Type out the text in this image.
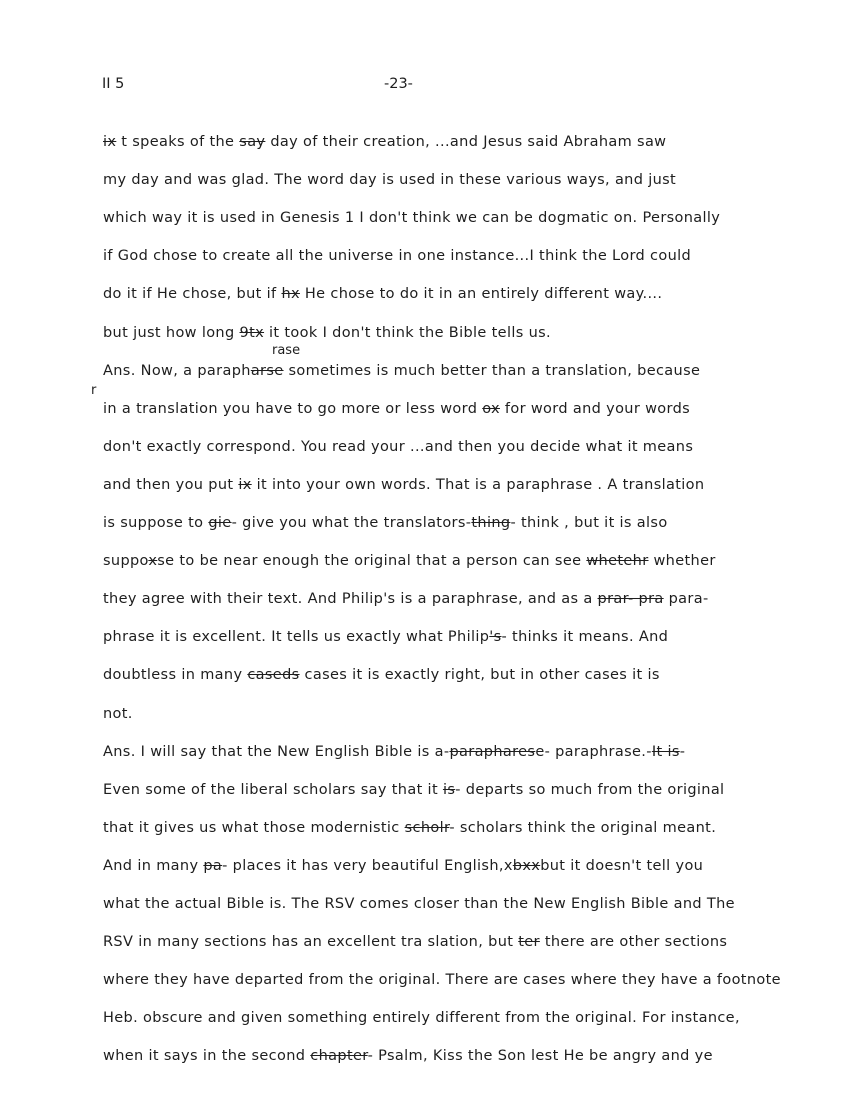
II 5	-23-
rase
r
ix t speaks of the say day of their creation, ...and Jesus said Abraham saw
my day and was glad. The word day is used in these various ways, and just
which way it is used in Genesis 1 I don't think we can be dogmatic on. Personally
if God chose to create all the universe in one instance...I think the Lord could
do it if He chose, but if hx He chose to do it in an entirely different way....
but just how long 9tx it took I don't think the Bible tells us.
Ans. Now, a parapharse sometimes is much better than a translation, because
in a translation you have to go more or less word ox for word and your words
don't exactly correspond. You read your ...and then you decide what it means
and then you put ix it into your own words. That is a paraphrase . A translation
is suppose to gie- give you what the translators-thing- think , but it is also
suppoxse to be near enough the original that a person can see whetehr whether
they agree with their text. And Philip's is a paraphrase, and as a prar- pra para-
phrase it is excellent. It tells us exactly what Philip's- thinks it means. And
doubtless in many caseds cases it is exactly right, but in other cases it is
not.
Ans. I will say that the New English Bible is a-parapharese- paraphrase.-It is-
Even some of the liberal scholars say that it is- departs so much from the original
that it gives us what those modernistic scholr- scholars think the original meant.
And in many pa- places it has very beautiful English,xbxxbut it doesn't tell you
what the actual Bible is. The RSV comes closer than the New English Bible and The
RSV in many sections has an excellent tra slation, but ter there are other sections
where they have departed from the original. There are cases where they have a footnote
Heb. obscure and given something entirely different from the original. For instance,
when it says in the second chapter- Psalm, Kiss the Son lest He be angry and ye
